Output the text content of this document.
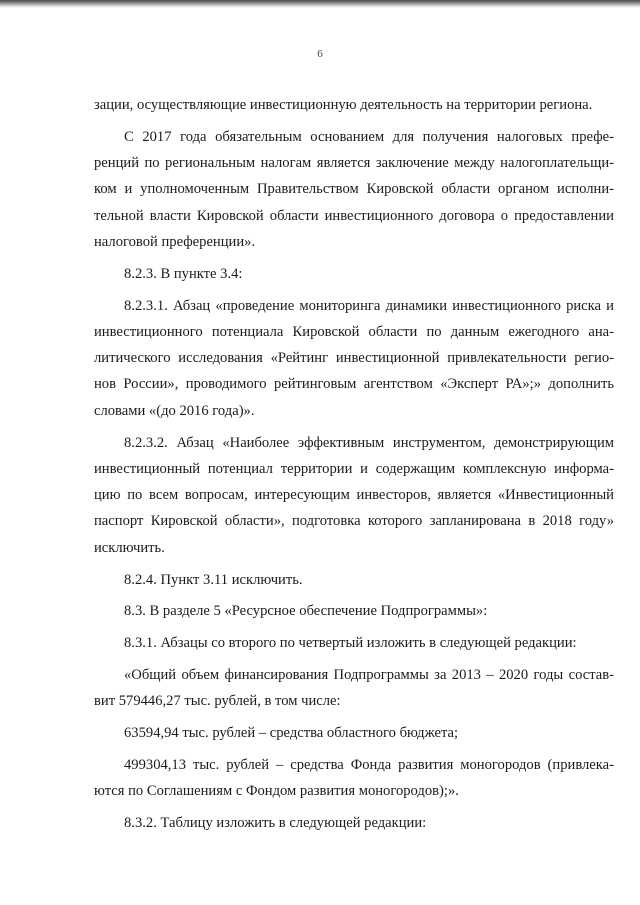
6

зации, осуществляющие инвестиционную деятельность на территории региона.

С 2017 года обязательным основанием для получения налоговых префе-ренций по региональным налогам является заключение между налогоплательщи-ком и уполномоченным Правительством Кировской области органом исполни-тельной власти Кировской области инвестиционного договора о предоставлении налоговой преференции».

8.2.3. В пункте 3.4:

8.2.3.1. Абзац «проведение мониторинга динамики инвестиционного риска и инвестиционного потенциала Кировской области по данным ежегодного ана-литического исследования «Рейтинг инвестиционной привлекательности регио-нов России», проводимого рейтинговым агентством «Эксперт РА»;» дополнить словами «(до 2016 года)».

8.2.3.2. Абзац «Наиболее эффективным инструментом, демонстрирующим инвестиционный потенциал территории и содержащим комплексную информа-цию по всем вопросам, интересующим инвесторов, является «Инвестиционный паспорт Кировской области», подготовка которого запланирована в 2018 году» исключить.

8.2.4. Пункт 3.11 исключить.

8.3. В разделе 5 «Ресурсное обеспечение Подпрограммы»:

8.3.1. Абзацы со второго по четвертый изложить в следующей редакции:

«Общий объем финансирования Подпрограммы за 2013 – 2020 годы состав-вит 579446,27 тыс. рублей, в том числе:

63594,94 тыс. рублей – средства областного бюджета;

499304,13 тыс. рублей – средства Фонда развития моногородов (привлека-ются по Соглашениям с Фондом развития моногородов);».

8.3.2. Таблицу изложить в следующей редакции:
